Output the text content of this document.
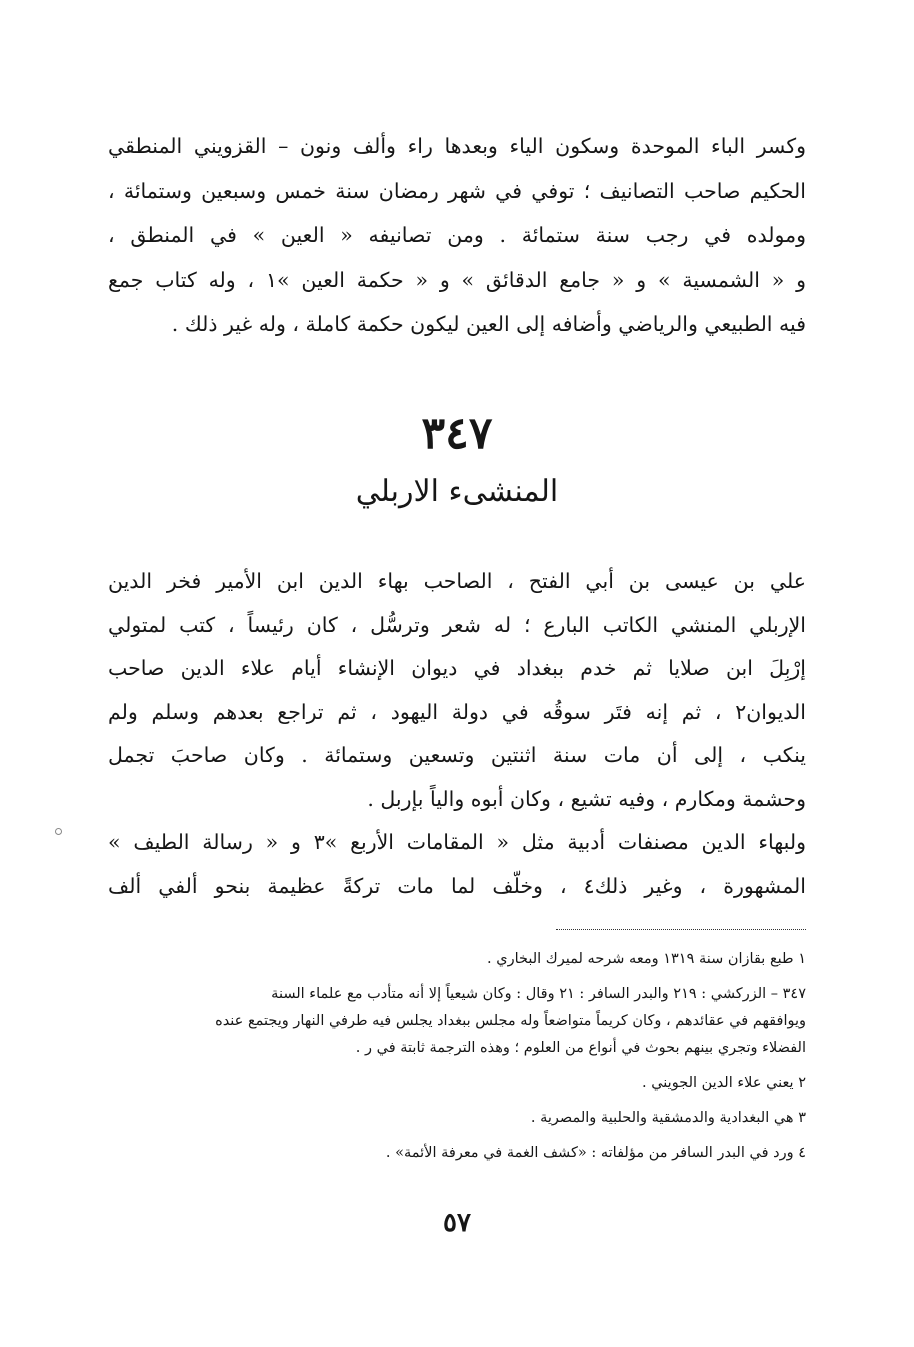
وكسر الباء الموحدة وسكون الياء وبعدها راء وألف ونون – القزويني المنطقي
الحكيم صاحب التصانيف ؛ توفي في شهر رمضان سنة خمس وسبعين وستمائة ،
ومولده في رجب سنة ستمائة . ومن تصانيفه « العين » في المنطق ،
و « الشمسية » و « جامع الدقائق » و « حكمة العين »١ ، وله كتاب جمع
فيه الطبيعي والرياضي وأضافه إلى العين ليكون حكمة كاملة ، وله غير ذلك .
٣٤٧
المنشىء الاربلي
علي بن عيسى بن أبي الفتح ، الصاحب بهاء الدين ابن الأمير فخر الدين
الإربلي المنشي الكاتب البارع ؛ له شعر وترسُّل ، كان رئيساً ، كتب لمتولي
إرْبِلَ ابن صلايا ثم خدم ببغداد في ديوان الإنشاء أيام علاء الدين صاحب
الديوان٢ ، ثم إنه فتَر سوقُه في دولة اليهود ، ثم تراجع بعدهم وسلم ولم
ينكب ، إلى أن مات سنة اثنتين وتسعين وستمائة . وكان صاحبَ تجمل
وحشمة ومكارم ، وفيه تشيع ، وكان أبوه والياً بإربل .
ولبهاء الدين مصنفات أدبية مثل « المقامات الأربع »٣ و « رسالة الطيف »
المشهورة ، وغير ذلك٤ ، وخلّف لما مات تركةً عظيمة بنحو ألفي ألف
١ طبع بقازان سنة ١٣١٩ ومعه شرحه لميرك البخاري .
٣٤٧ – الزركشي : ٢١٩ والبدر السافر : ٢١ وقال : وكان شيعياً إلا أنه متأدب مع علماء السنة
ويوافقهم في عقائدهم ، وكان كريماً متواضعاً وله مجلس ببغداد يجلس فيه طرفي النهار ويجتمع عنده
الفضلاء وتجري بينهم بحوث في أنواع من العلوم ؛ وهذه الترجمة ثابتة في ر .
٢ يعني علاء الدين الجويني .
٣ هي البغدادية والدمشقية والحلبية والمصرية .
٤ ورد في البدر السافر من مؤلفاته : «كشف الغمة في معرفة الأئمة» .
٥٧
